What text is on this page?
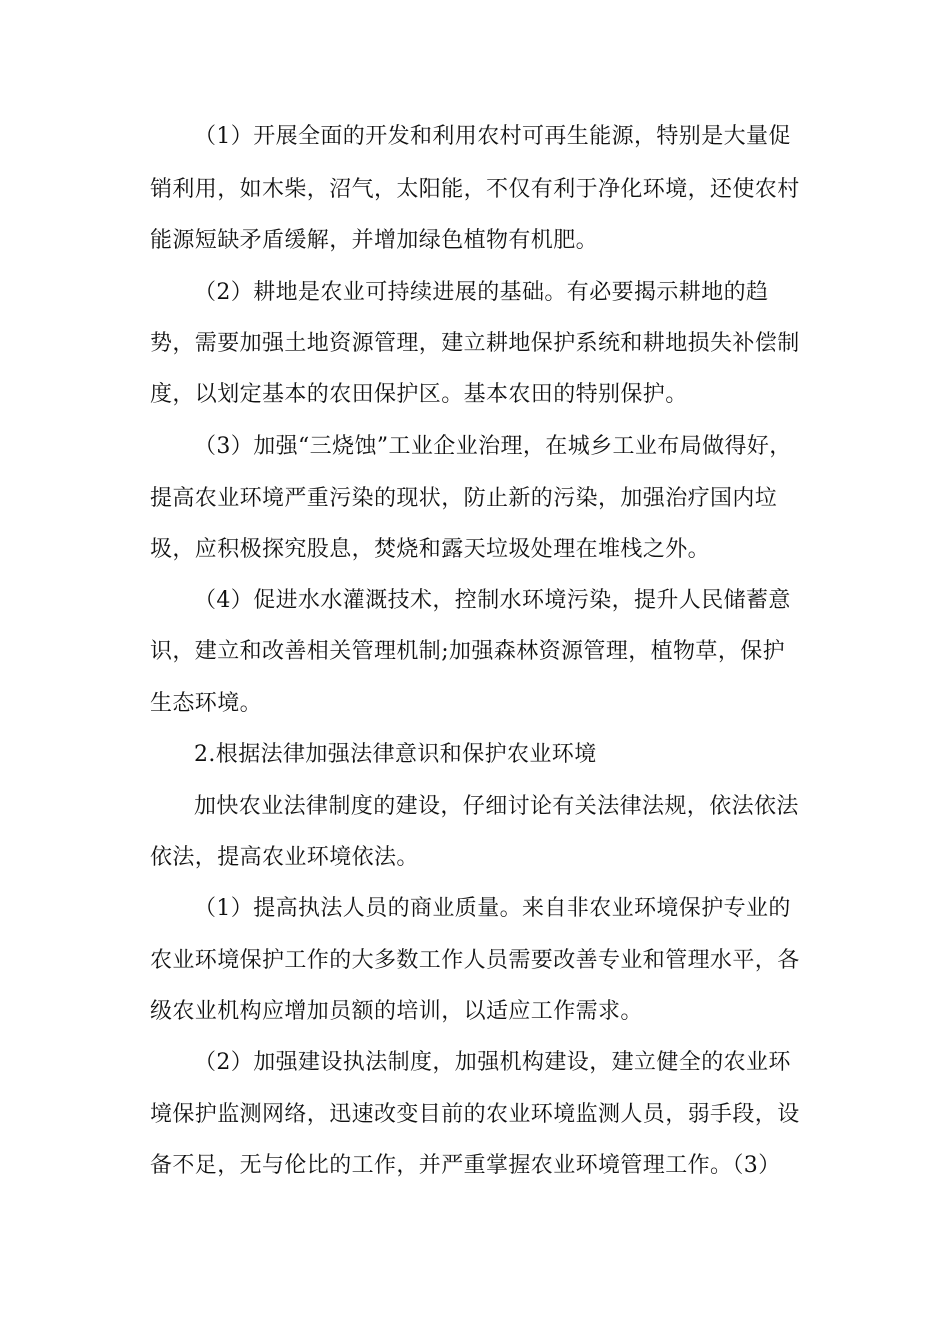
（1）开展全面的开发和利用农村可再生能源，特别是大量促
销利用，如木柴，沼气，太阳能，不仅有利于净化环境，还使农村
能源短缺矛盾缓解，并增加绿色植物有机肥。
（2）耕地是农业可持续进展的基础。有必要揭示耕地的趋
势，需要加强土地资源管理，建立耕地保护系统和耕地损失补偿制
度，以划定基本的农田保护区。基本农田的特别保护。
（3）加强“三烧蚀”工业企业治理，在城乡工业布局做得好，
提高农业环境严重污染的现状，防止新的污染，加强治疗国内垃
圾，应积极探究股息，焚烧和露天垃圾处理在堆栈之外。
（4）促进水水灌溉技术，控制水环境污染，提升人民储蓄意
识，建立和改善相关管理机制;加强森林资源管理，植物草，保护
生态环境。
2.根据法律加强法律意识和保护农业环境
加快农业法律制度的建设，仔细讨论有关法律法规，依法依法
依法，提高农业环境依法。
（1）提高执法人员的商业质量。来自非农业环境保护专业的
农业环境保护工作的大多数工作人员需要改善专业和管理水平，各
级农业机构应增加员额的培训，以适应工作需求。
（2）加强建设执法制度，加强机构建设，建立健全的农业环
境保护监测网络，迅速改变目前的农业环境监测人员，弱手段，设
备不足，无与伦比的工作，并严重掌握农业环境管理工作。（3）
